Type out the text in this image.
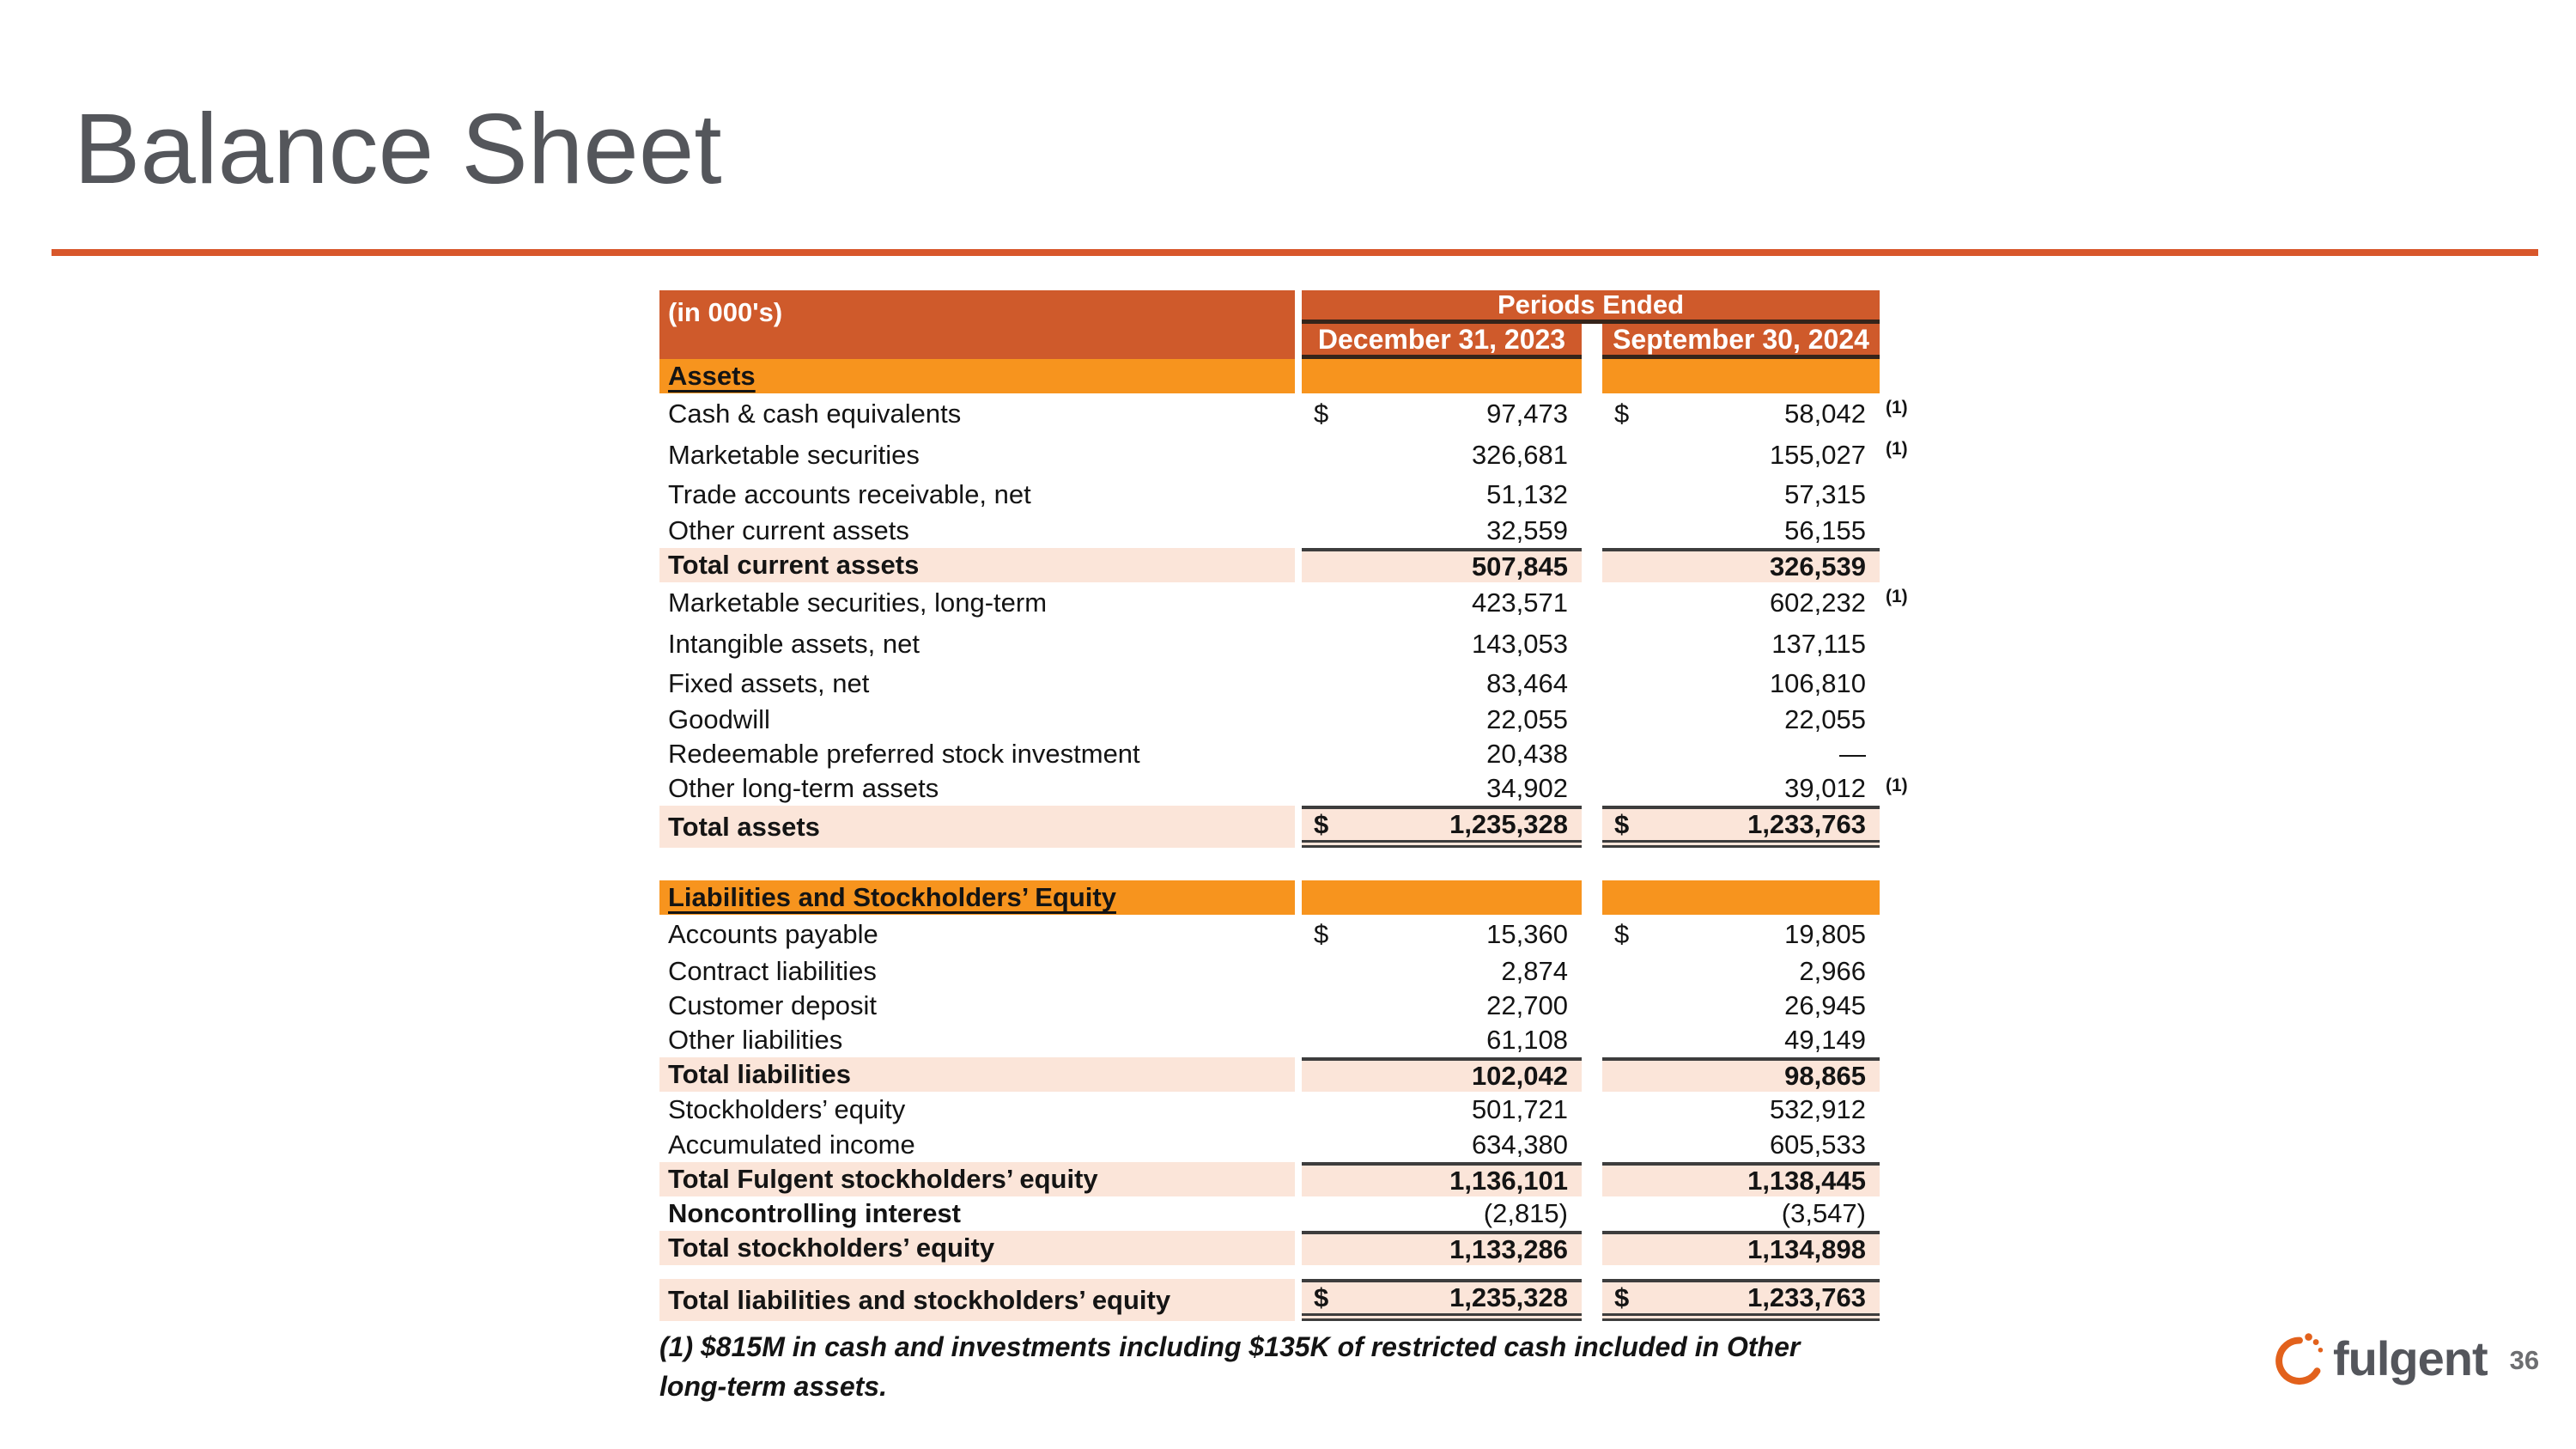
Balance Sheet
(in 000's)	Periods Ended
December 31, 2023	September 30, 2024
Assets
Cash & cash equivalents	$	97,473 $	58,042	(1)
Marketable securities	326,681	155,027	(1)
Trade accounts receivable, net	51,132	57,315
Other current assets	32,559	56,155
Total current assets	507,845	326,539
Marketable securities, long-term	423,571	602,232	(1)
Intangible assets, net	143,053	137,115
Fixed assets, net	83,464	106,810
Goodwill	22,055	22,055
Redeemable preferred stock investment	20,438	—
Other long-term assets	34,902	39,012	(1)
Total assets	$	1,235,328 $	1,233,763
Liabilities and Stockholders’ Equity
Accounts payable	$	15,360 $	19,805
Contract liabilities	2,874	2,966
Customer deposit	22,700	26,945
Other liabilities	61,108	49,149
Total liabilities	102,042	98,865
Stockholders’ equity	501,721	532,912
Accumulated income	634,380	605,533
Total Fulgent stockholders’ equity	1,136,101	1,138,445
Noncontrolling interest	(2,815)	(3,547)
Total stockholders’ equity	1,133,286	1,134,898
Total liabilities and stockholders’ equity	$	1,235,328 $	1,233,763

(1) $815M in cash and investments including $135K of restricted cash included in Other long-term assets.

fulgent 36
